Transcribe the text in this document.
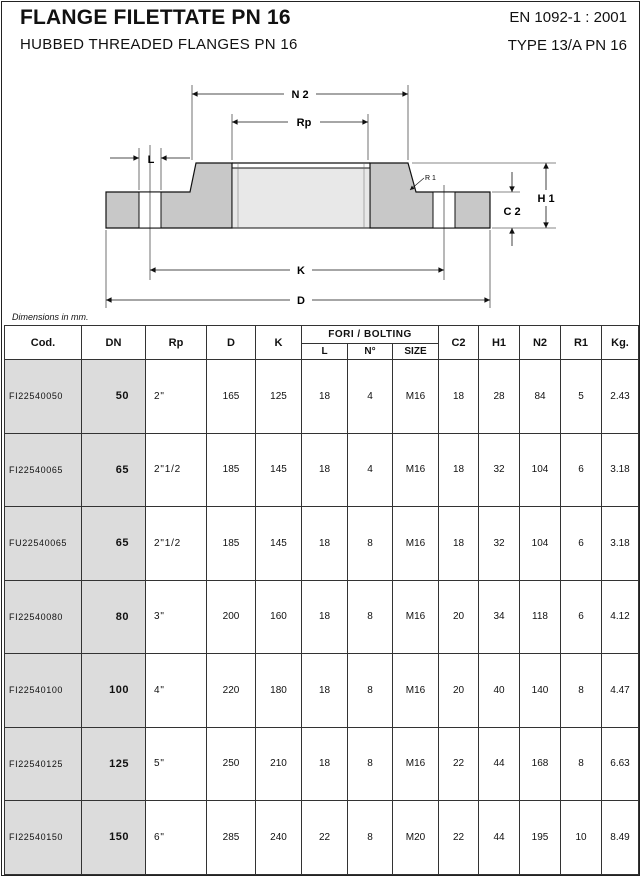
FLANGE FILETTATE PN 16
HUBBED THREADED FLANGES PN 16
EN 1092-1 : 2001
TYPE 13/A PN 16
N 2
Rp
L
R 1
H 1
C 2
K
D
Dimensions in mm.
Cod.	DN	Rp	D	K	FORI / BOLTING			C2	H1	N2	R1	Kg.
					L	N°	SIZE					
FI22540050	50	2"	165	125	18	4	M16	18	28	84	5	2.43
FI22540065	65	2"1/2	185	145	18	4	M16	18	32	104	6	3.18
FU22540065	65	2"1/2	185	145	18	8	M16	18	32	104	6	3.18
FI22540080	80	3"	200	160	18	8	M16	20	34	118	6	4.12
FI22540100	100	4"	220	180	18	8	M16	20	40	140	8	4.47
FI22540125	125	5"	250	210	18	8	M16	22	44	168	8	6.63
FI22540150	150	6"	285	240	22	8	M20	22	44	195	10	8.49
